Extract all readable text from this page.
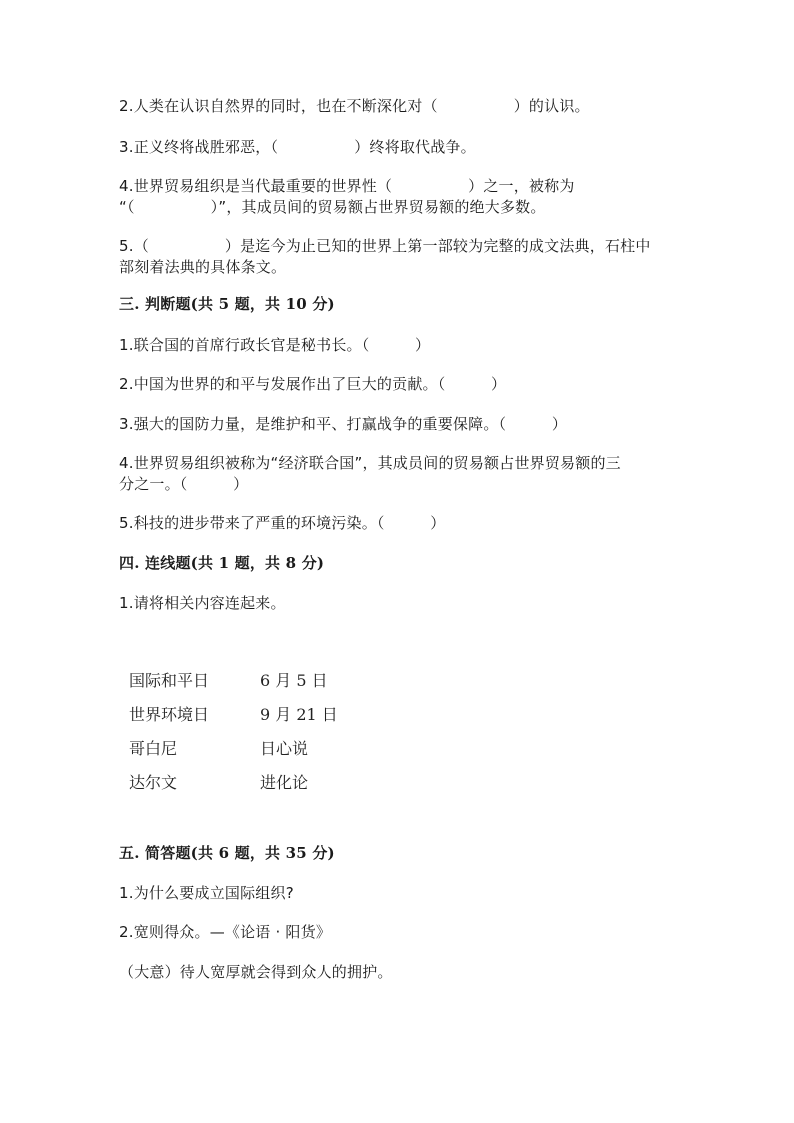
2.人类在认识自然界的同时，也在不断深化对（　　　　　）的认识。
3.正义终将战胜邪恶，（　　　　　）终将取代战争。
4.世界贸易组织是当代最重要的世界性（　　　　　）之一，被称为
“（　　　　　）”，其成员间的贸易额占世界贸易额的绝大多数。
5.（　　　　　）是迄今为止已知的世界上第一部较为完整的成文法典，石柱中
部刻着法典的具体条文。
三. 判断题(共 5 题，共 10 分)
1.联合国的首席行政长官是秘书长。（　　　）
2.中国为世界的和平与发展作出了巨大的贡献。（　　　）
3.强大的国防力量，是维护和平、打赢战争的重要保障。（　　　）
4.世界贸易组织被称为“经济联合国”，其成员间的贸易额占世界贸易额的三
分之一。（　　　）
5.科技的进步带来了严重的环境污染。（　　　）
四. 连线题(共 1 题，共 8 分)
1.请将相关内容连起来。
国际和平日	6 月 5 日
世界环境日	9 月 21 日
哥白尼	日心说
达尔文	进化论
五. 简答题(共 6 题，共 35 分)
1.为什么要成立国际组织?
2.宽则得众。—《论语 · 阳货》
（大意）待人宽厚就会得到众人的拥护。
